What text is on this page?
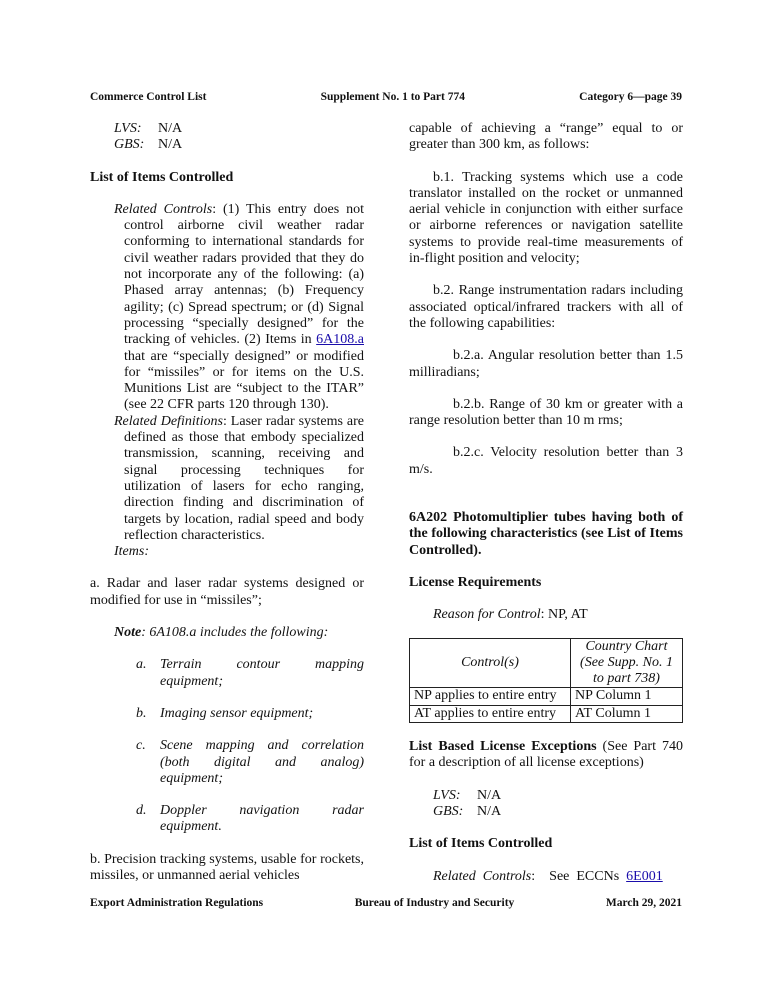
Commerce Control List	Supplement No. 1 to Part 774	Category 6—page 39
LVS:	N/A
GBS: N/A

List of Items Controlled

Related Controls: (1) This entry does not control airborne civil weather radar conforming to international standards for civil weather radars provided that they do not incorporate any of the following: (a) Phased array antennas; (b) Frequency agility; (c) Spread spectrum; or (d) Signal processing “specially designed” for the tracking of vehicles. (2) Items in 6A108.a that are “specially designed” or modified for “missiles” or for items on the U.S. Munitions List are “subject to the ITAR” (see 22 CFR parts 120 through 130).

Related Definitions: Laser radar systems are defined as those that embody specialized transmission, scanning, receiving and signal processing techniques for utilization of lasers for echo ranging, direction finding and discrimination of targets by location, radial speed and body reflection characteristics.

Items:

a. Radar and laser radar systems designed or modified for use in “missiles”;

Note: 6A108.a includes the following:

a. Terrain contour mapping equipment;
b. Imaging sensor equipment;
c.	Scene mapping and correlation (both digital and analog) equipment;
d. Doppler navigation radar equipment.

b. Precision tracking systems, usable for rockets, missiles, or unmanned aerial vehicles

capable of achieving a “range” equal to or greater than 300 km, as follows:

b.1. Tracking systems which use a code translator installed on the rocket or unmanned aerial vehicle in conjunction with either surface or airborne references or navigation satellite systems to provide real-time measurements of in-flight position and velocity;

b.2. Range instrumentation radars including associated optical/infrared trackers with all of the following capabilities:

b.2.a. Angular resolution better than 1.5 milliradians;

b.2.b. Range of 30 km or greater with a range resolution better than 10 m rms;

b.2.c. Velocity resolution better than 3 m/s.

6A202 Photomultiplier tubes having both of the following characteristics (see List of Items Controlled).

License Requirements

Reason for Control: NP, AT

Control(s)	Country Chart (See Supp. No. 1 to part 738)
NP applies to entire entry	NP Column 1
AT applies to entire entry	AT Column 1

List Based License Exceptions (See Part 740 for a description of all license exceptions)

LVS:	N/A
GBS: N/A

List of Items Controlled

Related  Controls:    See  ECCNs  6E001

Export Administration Regulations	Bureau of Industry and Security	March 29, 2021
